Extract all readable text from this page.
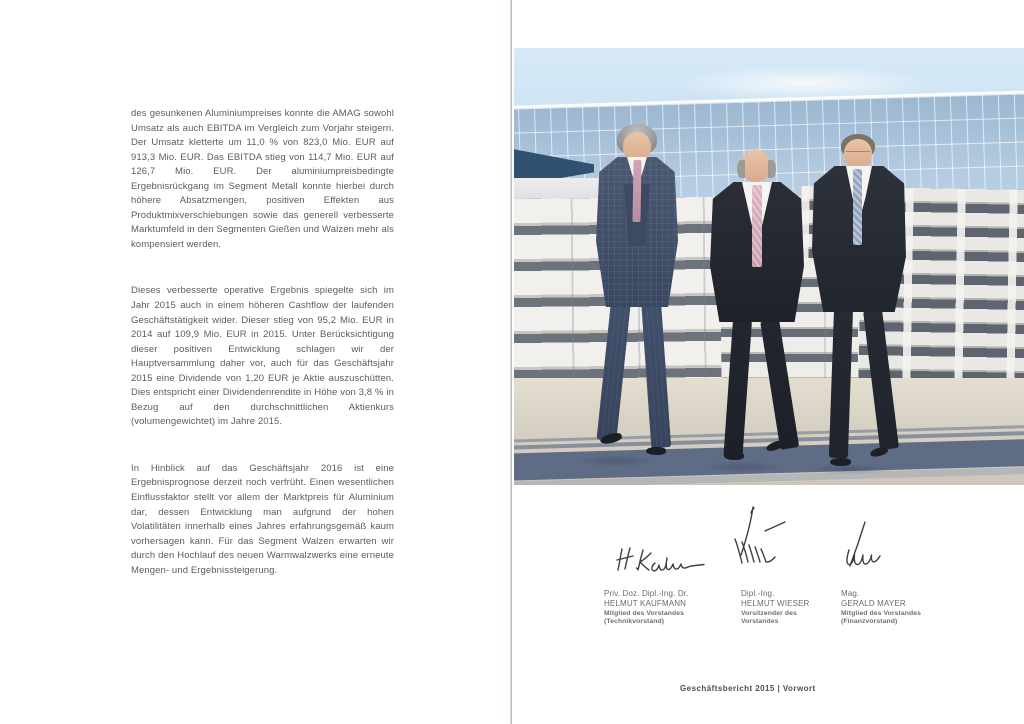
des gesunkenen Aluminiumpreises konnte die AMAG sowohl Umsatz als auch EBITDA im Vergleich zum Vorjahr steigern. Der Umsatz kletterte um 11,0 % von 823,0 Mio. EUR auf 913,3 Mio. EUR. Das EBITDA stieg von 114,7 Mio. EUR auf 126,7 Mio. EUR. Der aluminiumpreisbedingte Ergebnisrückgang im Segment Metall konnte hierbei durch höhere Absatzmengen, positiven Effekten aus Produktmixverschiebungen sowie das generell verbesserte Marktumfeld in den Segmenten Gießen und Walzen mehr als kompensiert werden.

Dieses verbesserte operative Ergebnis spiegelte sich im Jahr 2015 auch in einem höheren Cashflow der laufenden Geschäftstätigkeit wider. Dieser stieg von 95,2 Mio. EUR in 2014 auf 109,9 Mio. EUR in 2015. Unter Berücksichtigung dieser positiven Entwicklung schlagen wir der Hauptversammlung daher vor, auch für das Geschäftsjahr 2015 eine Dividende von 1,20 EUR je Aktie auszuschütten. Dies entspricht einer Dividendenrendite in Höhe von 3,8 % in Bezug auf den durchschnittlichen Aktienkurs (volumengewichtet) im Jahre 2015.

In Hinblick auf das Geschäftsjahr 2016 ist eine Ergebnisprognose derzeit noch verfrüht. Einen wesentlichen Einflussfaktor stellt vor allem der Marktpreis für Aluminium dar, dessen Entwicklung man aufgrund der hohen Volatilitäten innerhalb eines Jahres erfahrungsgemäß kaum vorhersagen kann. Für das Segment Walzen erwarten wir durch den Hochlauf des neuen Warmwalzwerks eine erneute Mengen- und Ergebnissteigerung.

Priv. Doz. Dipl.-Ing. Dr.
HELMUT KAUFMANN
Mitglied des Vorstandes
(Technikvorstand)
Dipl.-Ing.
HELMUT WIESER
Vorsitzender des
Vorstandes
Mag.
GERALD MAYER
Mitglied des Vorstandes
(Finanzvorstand)
Geschäftsbericht 2015 | Vorwort
